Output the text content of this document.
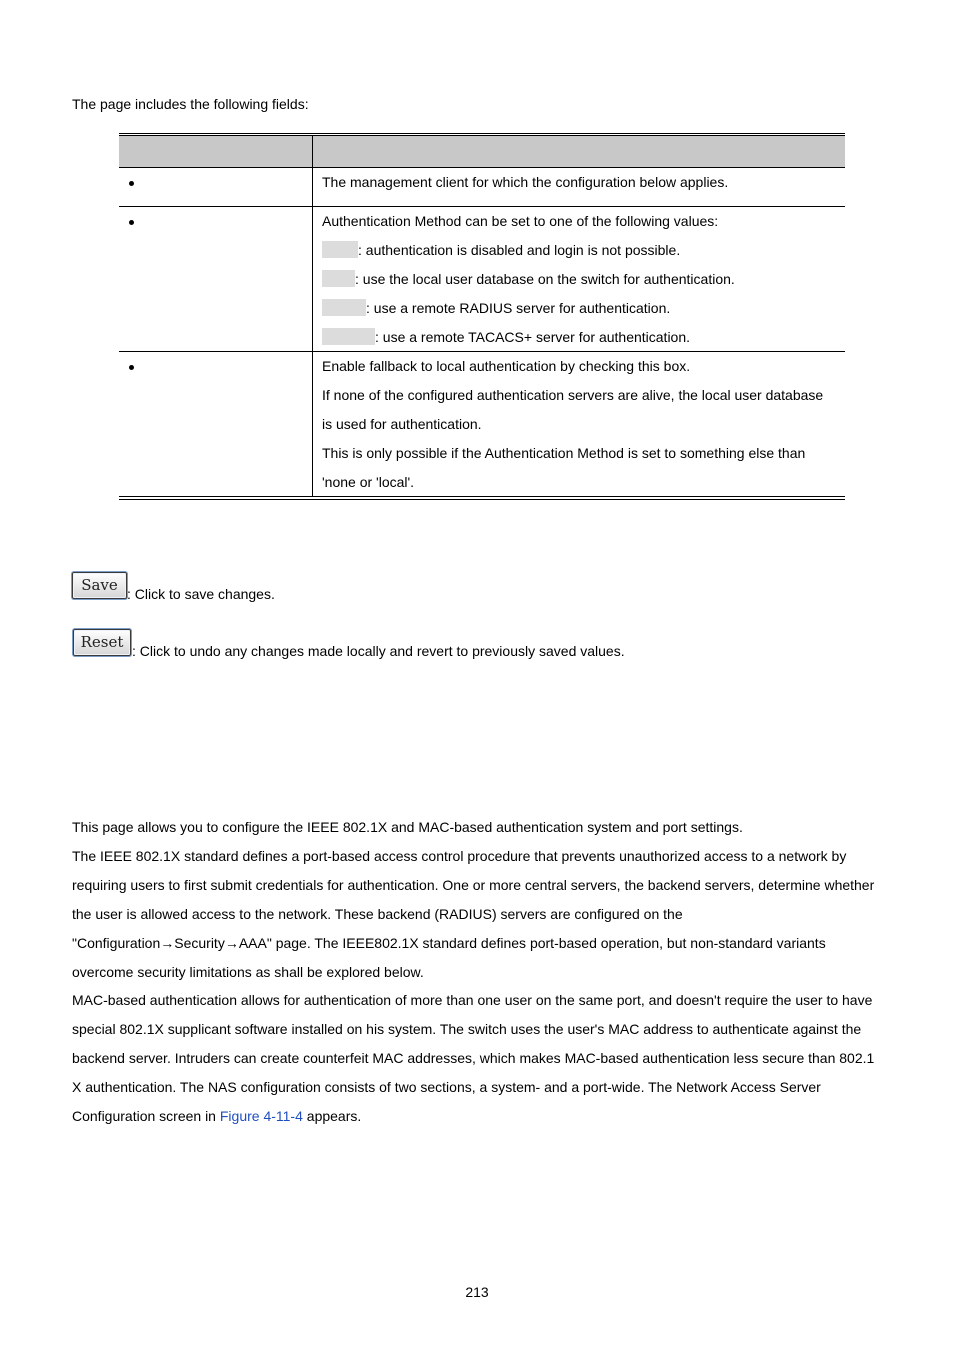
The page includes the following fields:
The management client for which the configuration below applies.
Authentication Method can be set to one of the following values:
: authentication is disabled and login is not possible.
: use the local user database on the switch for authentication.
: use a remote RADIUS server for authentication.
: use a remote TACACS+ server for authentication.
Enable fallback to local authentication by checking this box.
If none of the configured authentication servers are alive, the local user database
is used for authentication.
This is only possible if the Authentication Method is set to something else than
'none or 'local'.
Save : Click to save changes.
Reset : Click to undo any changes made locally and revert to previously saved values.

This page allows you to configure the IEEE 802.1X and MAC-based authentication system and port settings.

The IEEE 802.1X standard defines a port-based access control procedure that prevents unauthorized access to a network by requiring users to first submit credentials for authentication. One or more central servers, the backend servers, determine whether the user is allowed access to the network. These backend (RADIUS) servers are configured on the "Configuration→Security→AAA" page. The IEEE802.1X standard defines port-based operation, but non-standard variants overcome security limitations as shall be explored below.

MAC-based authentication allows for authentication of more than one user on the same port, and doesn't require the user to have special 802.1X supplicant software installed on his system. The switch uses the user's MAC address to authenticate against the backend server. Intruders can create counterfeit MAC addresses, which makes MAC-based authentication less secure than 802.1 X authentication. The NAS configuration consists of two sections, a system- and a port-wide. The Network Access Server Configuration screen in Figure 4-11-4 appears.

213
